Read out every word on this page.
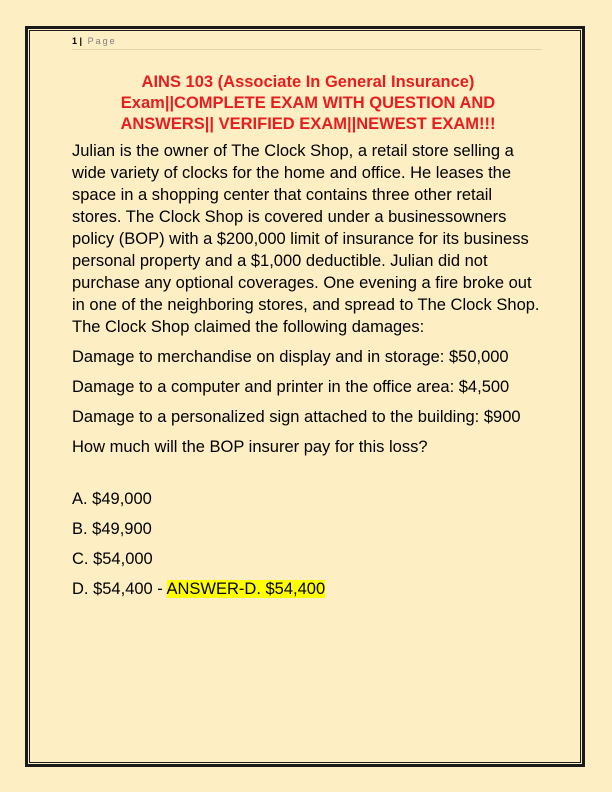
1 | Page
AINS 103 (Associate In General Insurance)
Exam||COMPLETE EXAM WITH QUESTION AND
ANSWERS|| VERIFIED EXAM||NEWEST EXAM!!!

Julian is the owner of The Clock Shop, a retail store selling a wide variety of clocks for the home and office. He leases the space in a shopping center that contains three other retail stores. The Clock Shop is covered under a businessowners policy (BOP) with a $200,000 limit of insurance for its business personal property and a $1,000 deductible. Julian did not purchase any optional coverages. One evening a fire broke out in one of the neighboring stores, and spread to The Clock Shop. The Clock Shop claimed the following damages:

Damage to merchandise on display and in storage: $50,000

Damage to a computer and printer in the office area: $4,500

Damage to a personalized sign attached to the building: $900

How much will the BOP insurer pay for this loss?

A. $49,000

B. $49,900

C. $54,000

D. $54,400 - ANSWER-D. $54,400
